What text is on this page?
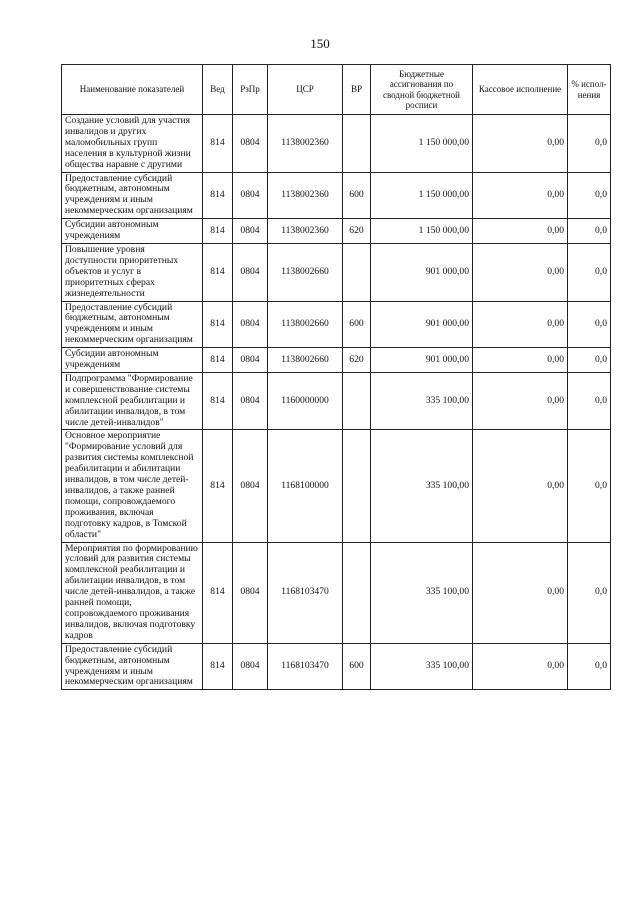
150
Наименование показателей	Вед	РзПр	ЦСР	ВР	Бюджетные ассигнования по сводной бюджетной росписи	Кассовое исполнение	% испол-нения
Создание условий для участия инвалидов и других маломобильных групп населения в культурной жизни общества наравне с другими	814	0804	1138002360		1 150 000,00	0,00	0,0
Предоставление субсидий бюджетным, автономным учреждениям и иным некоммерческим организациям	814	0804	1138002360	600	1 150 000,00	0,00	0,0
Субсидии автономным учреждениям	814	0804	1138002360	620	1 150 000,00	0,00	0,0
Повышение уровня доступности приоритетных объектов и услуг в приоритетных сферах жизнедеятельности	814	0804	1138002660		901 000,00	0,00	0,0
Предоставление субсидий бюджетным, автономным учреждениям и иным некоммерческим организациям	814	0804	1138002660	600	901 000,00	0,00	0,0
Субсидии автономным учреждениям	814	0804	1138002660	620	901 000,00	0,00	0,0
Подпрограмма "Формирование и совершенствование системы комплексной реабилитации и абилитации инвалидов, в том числе детей-инвалидов"	814	0804	1160000000		335 100,00	0,00	0,0
Основное мероприятие "Формирование условий для развития системы комплексной реабилитации и абилитации инвалидов, в том числе детей-инвалидов, а также ранней помощи, сопровождаемого проживания, включая подготовку кадров, в Томской области"	814	0804	1168100000		335 100,00	0,00	0,0
Мероприятия по формированию условий для развития системы комплексной реабилитации и абилитации инвалидов, в том числе детей-инвалидов, а также ранней помощи, сопровождаемого проживания инвалидов, включая подготовку кадров	814	0804	1168103470		335 100,00	0,00	0,0
Предоставление субсидий бюджетным, автономным учреждениям и иным некоммерческим организациям	814	0804	1168103470	600	335 100,00	0,00	0,0
